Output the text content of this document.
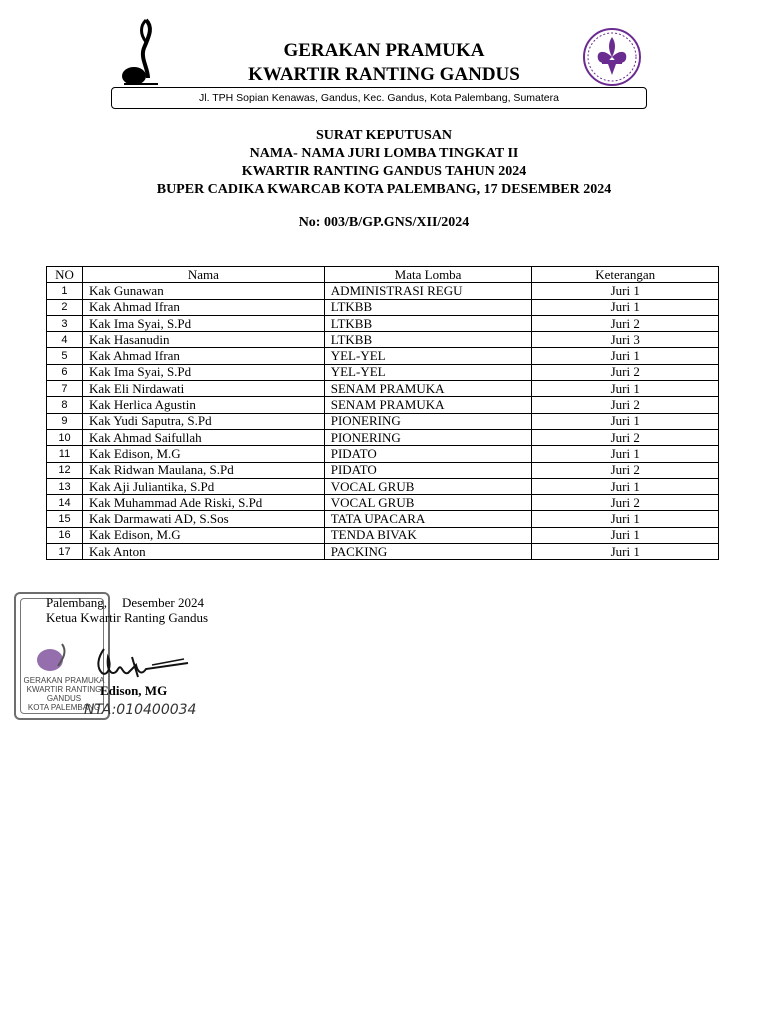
GERAKAN PRAMUKA
KWARTIR RANTING GANDUS
Jl. TPH Sopian Kenawas, Gandus, Kec. Gandus, Kota Palembang, Sumatera
SURAT KEPUTUSAN
NAMA- NAMA JURI LOMBA TINGKAT II
KWARTIR RANTING GANDUS TAHUN 2024
BUPER CADIKA KWARCAB KOTA PALEMBANG, 17 DESEMBER 2024
No: 003/B/GP.GNS/XII/2024
NO	Nama	Mata Lomba	Keterangan
1	Kak Gunawan	ADMINISTRASI REGU	Juri 1
2	Kak Ahmad Ifran	LTKBB	Juri 1
3	Kak Ima Syai, S.Pd	LTKBB	Juri 2
4	Kak Hasanudin	LTKBB	Juri 3
5	Kak Ahmad Ifran	YEL-YEL	Juri 1
6	Kak Ima Syai, S.Pd	YEL-YEL	Juri 2
7	Kak Eli Nirdawati	SENAM PRAMUKA	Juri 1
8	Kak Herlica Agustin	SENAM PRAMUKA	Juri 2
9	Kak Yudi Saputra, S.Pd	PIONERING	Juri 1
10	Kak Ahmad Saifullah	PIONERING	Juri 2
11	Kak Edison, M.G	PIDATO	Juri 1
12	Kak Ridwan Maulana, S.Pd	PIDATO	Juri 2
13	Kak Aji Juliantika, S.Pd	VOCAL GRUB	Juri 1
14	Kak Muhammad Ade Riski, S.Pd	VOCAL GRUB	Juri 2
15	Kak Darmawati AD, S.Sos	TATA UPACARA	Juri 1
16	Kak Edison, M.G	TENDA BIVAK	Juri 1
17	Kak Anton	PACKING	Juri 1
GERAKAN PRAMUKA
KWARTIR RANTING
GANDUS
KOTA PALEMBANG
Palembang, Desember 2024
Ketua Kwartir Ranting Gandus
Edison, MG
NTA:010400034
